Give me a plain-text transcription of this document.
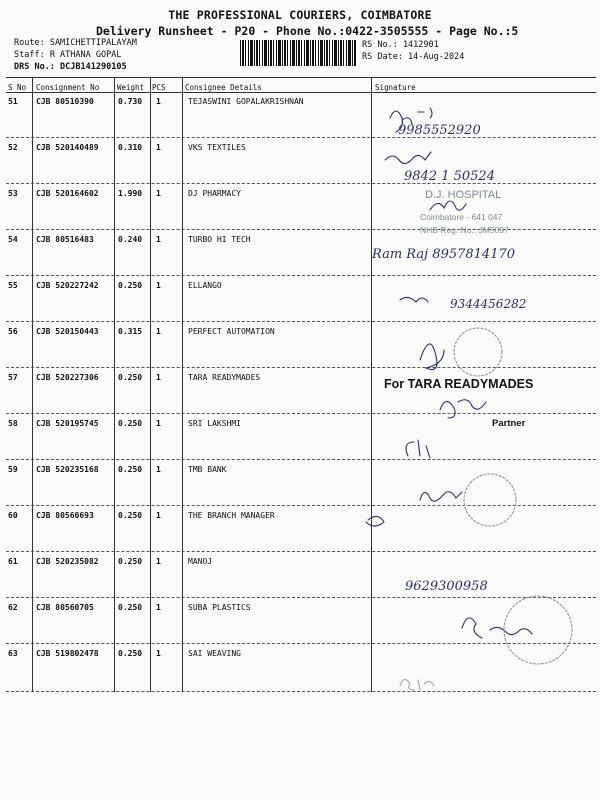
THE PROFESSIONAL COURIERS, COIMBATORE
Delivery Runsheet - P20 - Phone No.:0422-3505555 - Page No.:5
Route: SAMICHETTIPALAYAM
Staff: R ATHANA GOPAL
DRS No.: DCJB141290105
RS No.: 1412901
RS Date: 14-Aug-2024
S No Consignment No Weight PCS	Consignee Details	Signature
51 CJB 80510390	0.730 1	TEJASWINI GOPALAKRISHNAN
52 CJB 520140489 0.310 1	VKS TEXTILES
53 CJB 520164602 1.990 1	DJ PHARMACY
54 CJB 80516483	0.240 1	TURBO HI TECH
55 CJB 520227242 0.250 1	ELLANGO
56 CJB 520150443 0.315 1	PERFECT AUTOMATION
57 CJB 520227306 0.250 1	TARA READYMADES
58 CJB 520195745 0.250 1	SRI LAKSHMI
59 CJB 520235168 0.250 1	TMB BANK
60 CJB 80560693	0.250 1	THE BRANCH MANAGER
61 CJB 520235082 0.250 1	MANOJ
62 CJB 80560705	0.250 1	SUBA PLASTICS
63 CJB 519802478 0.250 1	SAI WEAVING
9985552920
9842 1 50524
D.J. HOSPITAL
Coimbatore - 641 047
NHB Reg. No.: JM5097
Ram Raj 8957814170
9344456282
For TARA READYMADES
Partner
9629300958
